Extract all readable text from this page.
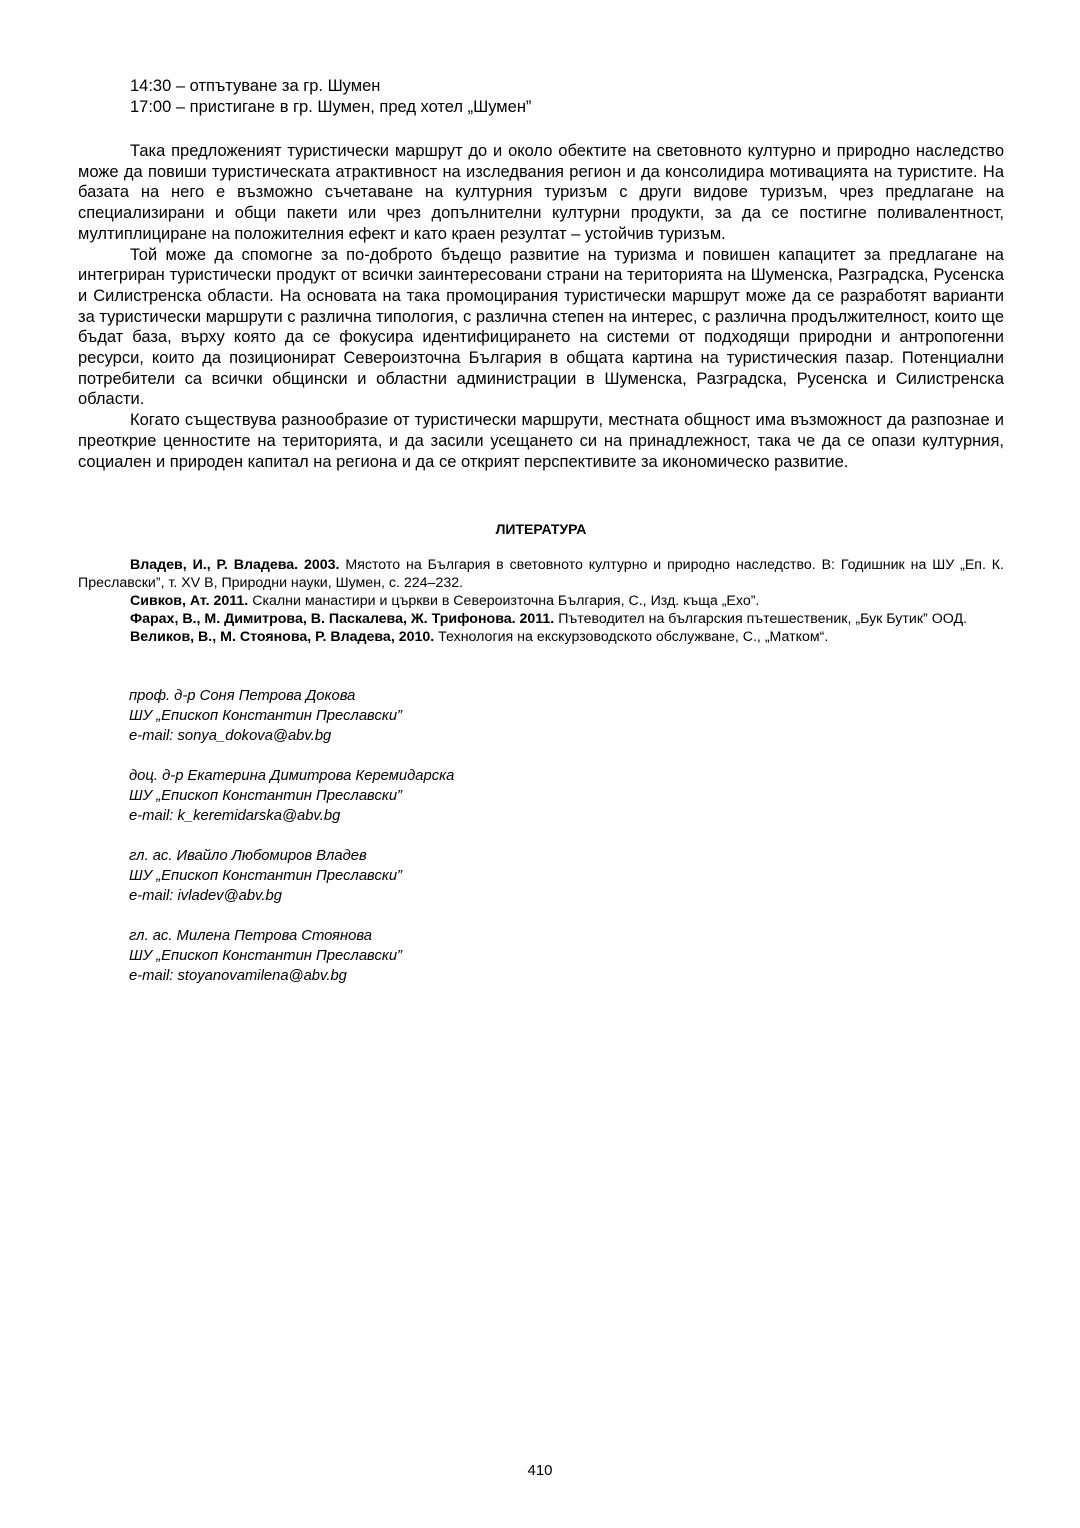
14:30 – отпътуване за гр. Шумен
17:00 – пристигане в гр. Шумен, пред хотел „Шумен”

Така предложеният туристически маршрут до и около обектите на световното културно и природно наследство може да повиши туристическата атрактивност на изследвания регион и да консолидира мотивацията на туристите. На базата на него е възможно съчетаване на културния туризъм с други видове туризъм, чрез предлагане на специализирани и общи пакети или чрез допълнителни културни продукти, за да се постигне поливалентност, мултиплициране на положителния ефект и като краен резултат – устойчив туризъм.

Той може да спомогне за по-доброто бъдещо развитие на туризма и повишен капацитет за предлагане на интегриран туристически продукт от всички заинтересовани страни на територията на Шуменска, Разградска, Русенска и Силистренска области. На основата на така промоцирания туристически маршрут може да се разработят варианти за туристически маршрути с различна типология, с различна степен на интерес, с различна продължителност, които ще бъдат база, върху която да се фокусира идентифицирането на системи от подходящи природни и антропогенни ресурси, които да позиционират Североизточна България в общата картина на туристическия пазар. Потенциални потребители са всички общински и областни администрации в Шуменска, Разградска, Русенска и Силистренска области.

Когато съществува разнообразие от туристически маршрути, местната общност има възможност да разпознае и преоткрие ценностите на територията, и да засили усещането си на принадлежност, така че да се опази културния, социален и природен капитал на региона и да се открият перспективите за икономическо развитие.

ЛИТЕРАТУРА

Владев, И., Р. Владева. 2003. Мястото на България в световното културно и природно наследство. В: Годишник на ШУ „Еп. К. Преславски”, т. XV B, Природни науки, Шумен, с. 224–232.

Сивков, Ат. 2011. Скални манастири и църкви в Североизточна България, С., Изд. къща „Ехо”.

Фарах, В., М. Димитрова, В. Паскалева, Ж. Трифонова. 2011. Пътеводител на българския пътешественик, „Бук Бутик” ООД.

Великов, В., М. Стоянова, Р. Владева, 2010. Технология на екскурзоводското обслужване, С., „Матком“.

проф. д-р Соня Петрова Докова
ШУ „Епископ Константин Преславски”
e-mail: sonya_dokova@abv.bg
доц. д-р Екатерина Димитрова Керемидарска
ШУ „Епископ Константин Преславски”
e-mail: k_keremidarska@abv.bg
гл. ас. Ивайло Любомиров Владев
ШУ „Епископ Константин Преславски”
e-mail: ivladev@abv.bg
гл. ас. Милена Петрова Стоянова
ШУ „Епископ Константин Преславски”
e-mail: stoyanovamilena@abv.bg
410
